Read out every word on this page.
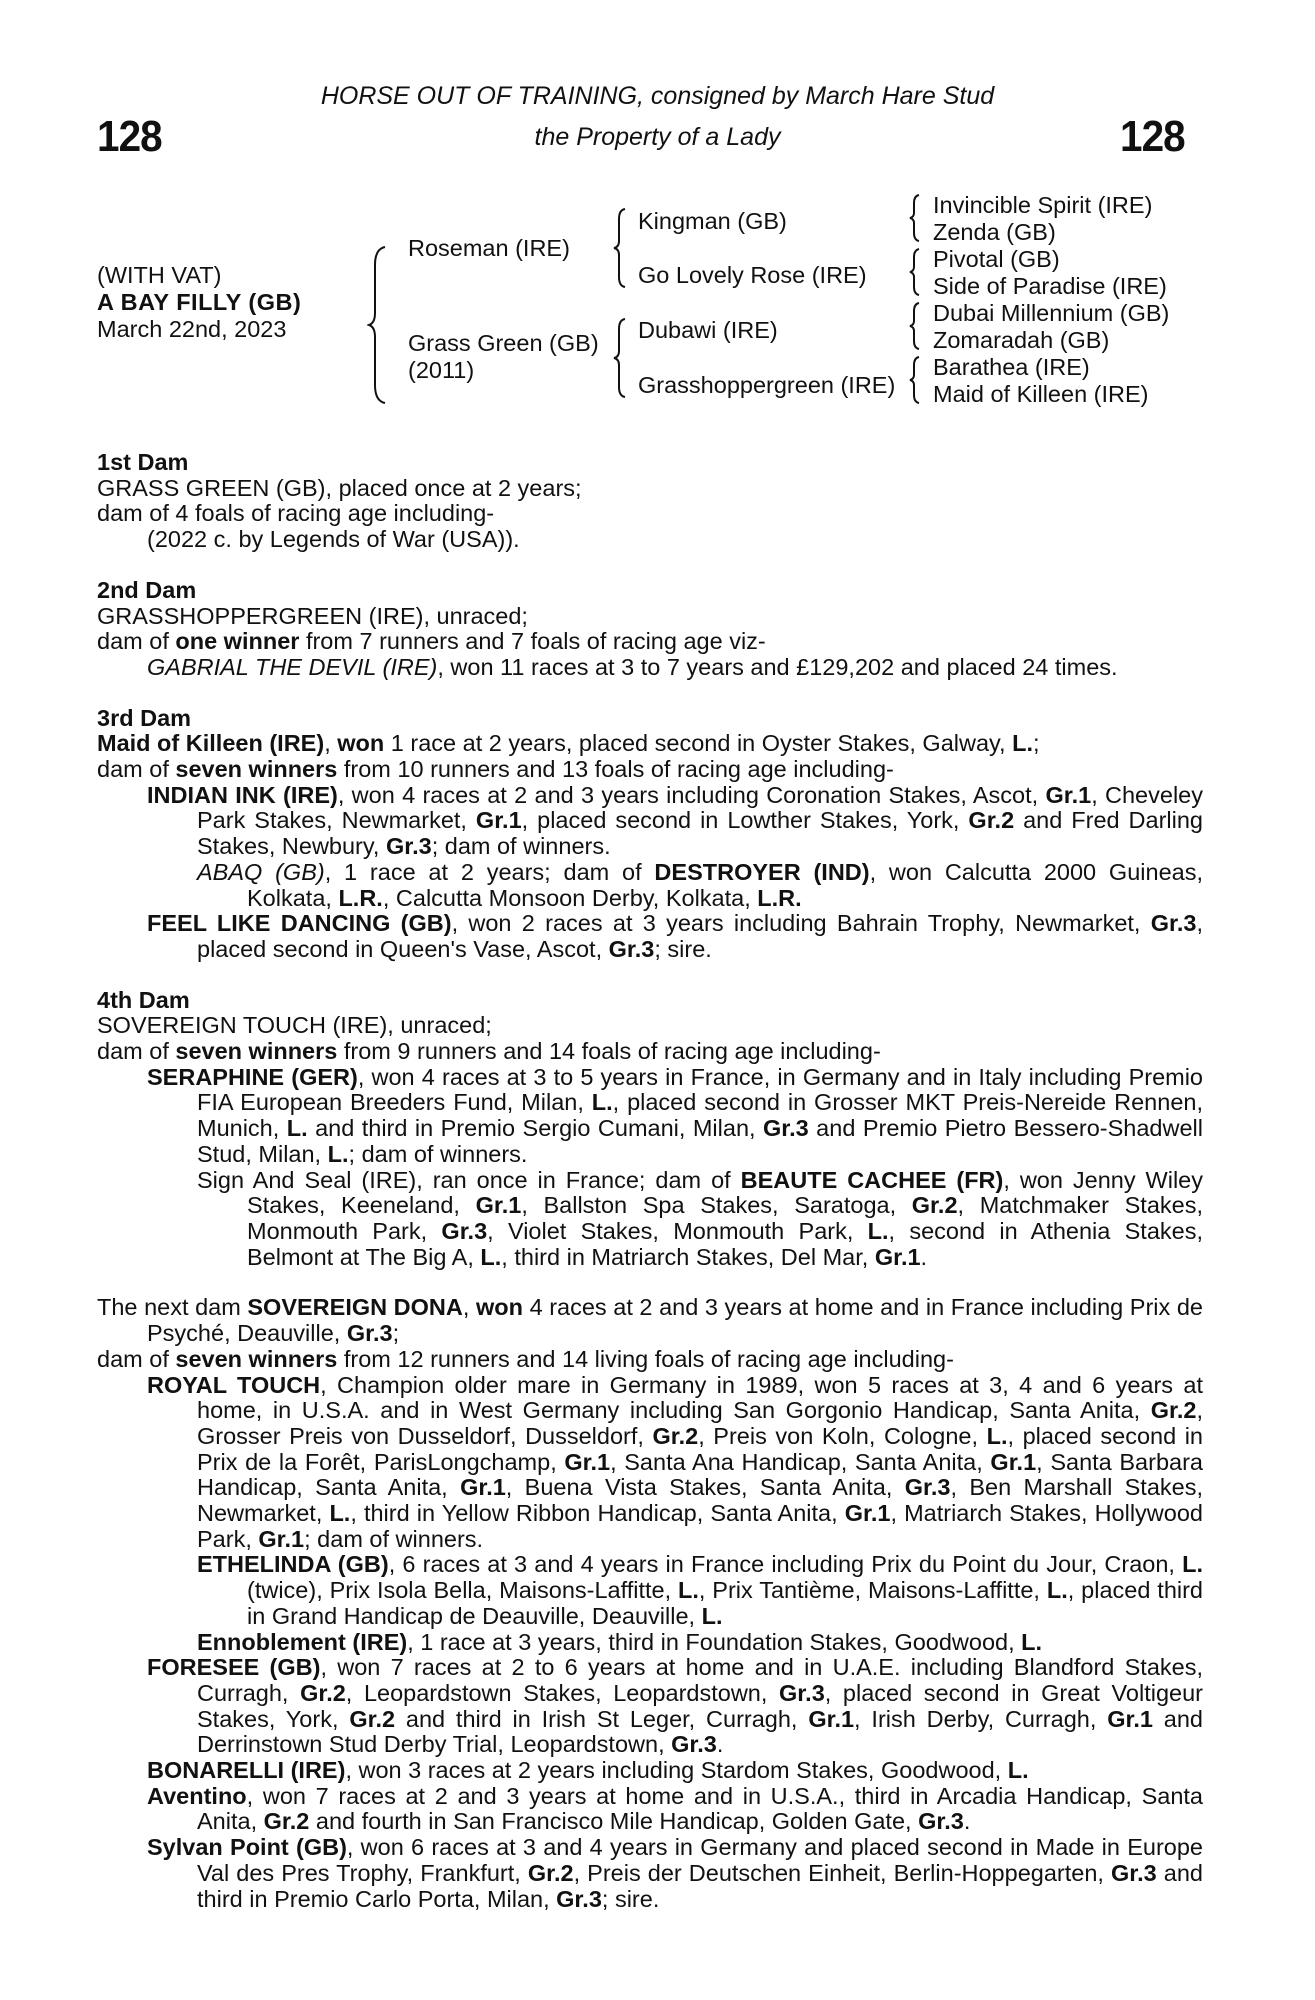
128	128
HORSE OUT OF TRAINING, consigned by March Hare Stud
the Property of a Lady
(WITH VAT)
A BAY FILLY (GB)
March 22nd, 2023
Roseman (IRE)
Grass Green (GB)
(2011)
Kingman (GB)
Go Lovely Rose (IRE)
Dubawi (IRE)
Grasshoppergreen (IRE)
Invincible Spirit (IRE)
Zenda (GB)
Pivotal (GB)
Side of Paradise (IRE)
Dubai Millennium (GB)
Zomaradah (GB)
Barathea (IRE)
Maid of Killeen (IRE)
1st Dam
GRASS GREEN (GB), placed once at 2 years;
dam of 4 foals of racing age including-
(2022 c. by Legends of War (USA)).
2nd Dam
GRASSHOPPERGREEN (IRE), unraced;
dam of one winner from 7 runners and 7 foals of racing age viz-
GABRIAL THE DEVIL (IRE), won 11 races at 3 to 7 years and £129,202 and placed 24 times.
3rd Dam
Maid of Killeen (IRE), won 1 race at 2 years, placed second in Oyster Stakes, Galway, L.;
dam of seven winners from 10 runners and 13 foals of racing age including-
INDIAN INK (IRE), won 4 races at 2 and 3 years including Coronation Stakes, Ascot, Gr.1, Cheveley Park Stakes, Newmarket, Gr.1, placed second in Lowther Stakes, York, Gr.2 and Fred Darling Stakes, Newbury, Gr.3; dam of winners.
ABAQ (GB), 1 race at 2 years; dam of DESTROYER (IND), won Calcutta 2000 Guineas, Kolkata, L.R., Calcutta Monsoon Derby, Kolkata, L.R.
FEEL LIKE DANCING (GB), won 2 races at 3 years including Bahrain Trophy, Newmarket, Gr.3, placed second in Queen's Vase, Ascot, Gr.3; sire.
4th Dam
SOVEREIGN TOUCH (IRE), unraced;
dam of seven winners from 9 runners and 14 foals of racing age including-
SERAPHINE (GER), won 4 races at 3 to 5 years in France, in Germany and in Italy including Premio FIA European Breeders Fund, Milan, L., placed second in Grosser MKT Preis-Nereide Rennen, Munich, L. and third in Premio Sergio Cumani, Milan, Gr.3 and Premio Pietro Bessero-Shadwell Stud, Milan, L.; dam of winners.
Sign And Seal (IRE), ran once in France; dam of BEAUTE CACHEE (FR), won Jenny Wiley Stakes, Keeneland, Gr.1, Ballston Spa Stakes, Saratoga, Gr.2, Matchmaker Stakes, Monmouth Park, Gr.3, Violet Stakes, Monmouth Park, L., second in Athenia Stakes, Belmont at The Big A, L., third in Matriarch Stakes, Del Mar, Gr.1.
The next dam SOVEREIGN DONA, won 4 races at 2 and 3 years at home and in France including Prix de Psyché, Deauville, Gr.3;
dam of seven winners from 12 runners and 14 living foals of racing age including-
ROYAL TOUCH, Champion older mare in Germany in 1989, won 5 races at 3, 4 and 6 years at home, in U.S.A. and in West Germany including San Gorgonio Handicap, Santa Anita, Gr.2, Grosser Preis von Dusseldorf, Dusseldorf, Gr.2, Preis von Koln, Cologne, L., placed second in Prix de la Forêt, ParisLongchamp, Gr.1, Santa Ana Handicap, Santa Anita, Gr.1, Santa Barbara Handicap, Santa Anita, Gr.1, Buena Vista Stakes, Santa Anita, Gr.3, Ben Marshall Stakes, Newmarket, L., third in Yellow Ribbon Handicap, Santa Anita, Gr.1, Matriarch Stakes, Hollywood Park, Gr.1; dam of winners.
ETHELINDA (GB), 6 races at 3 and 4 years in France including Prix du Point du Jour, Craon, L. (twice), Prix Isola Bella, Maisons-Laffitte, L., Prix Tantième, Maisons-Laffitte, L., placed third in Grand Handicap de Deauville, Deauville, L.
Ennoblement (IRE), 1 race at 3 years, third in Foundation Stakes, Goodwood, L.
FORESEE (GB), won 7 races at 2 to 6 years at home and in U.A.E. including Blandford Stakes, Curragh, Gr.2, Leopardstown Stakes, Leopardstown, Gr.3, placed second in Great Voltigeur Stakes, York, Gr.2 and third in Irish St Leger, Curragh, Gr.1, Irish Derby, Curragh, Gr.1 and Derrinstown Stud Derby Trial, Leopardstown, Gr.3.
BONARELLI (IRE), won 3 races at 2 years including Stardom Stakes, Goodwood, L.
Aventino, won 7 races at 2 and 3 years at home and in U.S.A., third in Arcadia Handicap, Santa Anita, Gr.2 and fourth in San Francisco Mile Handicap, Golden Gate, Gr.3.
Sylvan Point (GB), won 6 races at 3 and 4 years in Germany and placed second in Made in Europe Val des Pres Trophy, Frankfurt, Gr.2, Preis der Deutschen Einheit, Berlin-Hoppegarten, Gr.3 and third in Premio Carlo Porta, Milan, Gr.3; sire.
